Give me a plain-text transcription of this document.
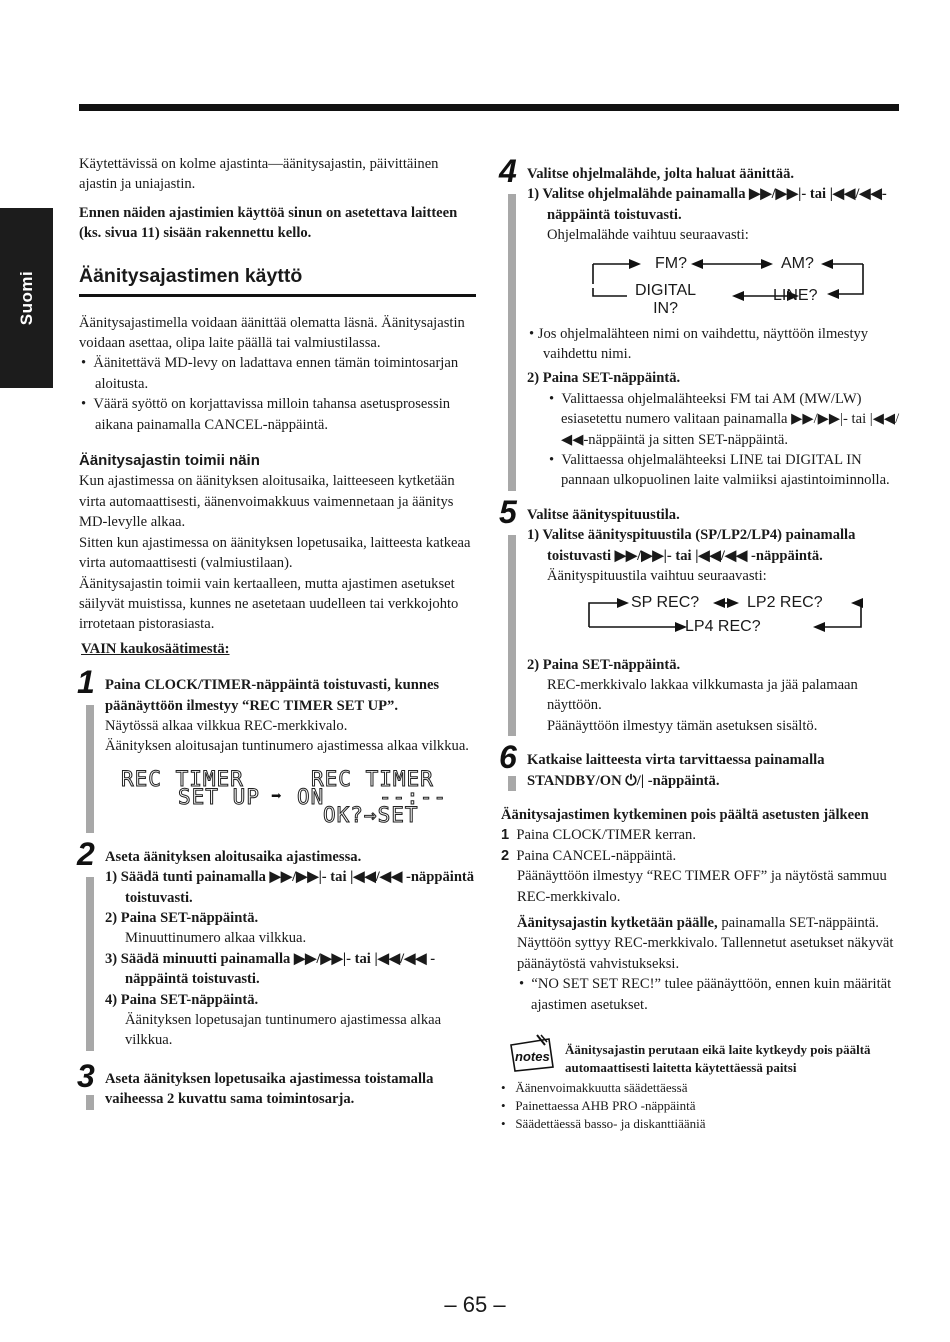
Suomi

Käytettävissä on kolme ajastinta—äänitysajastin, päivittäinen ajastin ja uniajastin.

Ennen näiden ajastimien käyttöä sinun on asetettava laitteen (ks. sivua 11) sisään rakennettu kello.

Äänitysajastimen käyttö

Äänitysajastimella voidaan äänittää olematta läsnä. Äänitysajastin voidaan asettaa, olipa laite päällä tai valmiustilassa.

•  Äänitettävä MD-levy on ladattava ennen tämän toimintosarjan aloitusta.

•  Väärä syöttö on korjattavissa milloin tahansa asetusprosessin aikana painamalla CANCEL-näppäintä.

Äänitysajastin toimii näin

Kun ajastimessa on äänityksen aloitusaika, laitteeseen kytketään virta automaattisesti, äänenvoimakkuus vaimennetaan ja äänitys MD-levylle alkaa.

Sitten kun ajastimessa on äänityksen lopetusaika, laitteesta katkeaa virta automaattisesti (valmiustilaan).

Äänitysajastin toimii vain kertaalleen, mutta ajastimen asetukset säilyvät muistissa, kunnes ne asetetaan uudelleen tai verkkojohto irrotetaan pistorasiasta.

VAIN kaukosäätimestä:

1 Paina CLOCK/TIMER-näppäintä toistuvasti, kunnes päänäyttöön ilmestyy “REC TIMER SET UP”.

Näytössä alkaa vilkkua REC-merkkivalo.

Äänityksen aloitusajan tuntinumero ajastimessa alkaa vilkkua.

REC TIMER
SET UP ➡
REC TIMER
ON    --:--
OK?→SET
2 Aseta äänityksen aloitusaika ajastimessa.

1) Säädä tunti painamalla ▶▶/▶▶|- tai |◀◀/◀◀ -näppäintä toistuvasti.

2) Paina SET-näppäintä.

Minuuttinumero alkaa vilkkua.

3) Säädä minuutti painamalla ▶▶/▶▶|- tai |◀◀/◀◀ -näppäintä toistuvasti.

4) Paina SET-näppäintä.

Äänityksen lopetusajan tuntinumero ajastimessa alkaa vilkkua.

3 Aseta äänityksen lopetusaika ajastimessa toistamalla vaiheessa 2 kuvattu sama toimintosarja.

4 Valitse ohjelmalähde, jolta haluat äänittää.

1) Valitse ohjelmalähde painamalla ▶▶/▶▶|- tai |◀◀/◀◀-näppäintä toistuvasti.

Ohjelmalähde vaihtuu seuraavasti:

FM?	AM?
LINE?
DIGITAL
IN?

• Jos ohjelmalähteen nimi on vaihdettu, näyttöön ilmestyy vaihdettu nimi.

2) Paina SET-näppäintä.

•  Valittaessa ohjelmalähteeksi FM tai AM (MW/LW) esiasetettu numero valitaan painamalla ▶▶/▶▶|- tai |◀◀/◀◀-näppäintä ja sitten SET-näppäintä.

•  Valittaessa ohjelmalähteeksi LINE tai DIGITAL IN pannaan ulkopuolinen laite valmiiksi ajastintoiminnolla.

5 Valitse äänityspituustila.

1) Valitse äänityspituustila (SP/LP2/LP4) painamalla toistuvasti ▶▶/▶▶|- tai |◀◀/◀◀ -näppäintä.

Äänityspituustila vaihtuu seuraavasti:

SP REC?	LP2 REC?
LP4 REC?

2) Paina SET-näppäintä.

REC-merkkivalo lakkaa vilkkumasta ja jää palamaan näyttöön.

Päänäyttöön ilmestyy tämän asetuksen sisältö.

6 Katkaise laitteesta virta tarvittaessa painamalla STANDBY/ON ⏻/| -näppäintä.

Äänitysajastimen kytkeminen pois päältä asetusten jälkeen

1 Paina CLOCK/TIMER kerran.

2 Paina CANCEL-näppäintä.

Päänäyttöön ilmestyy “REC TIMER OFF” ja näytöstä sammuu REC-merkkivalo.

Äänitysajastin kytketään päälle, painamalla SET-näppäintä.

Näyttöön syttyy REC-merkkivalo. Tallennetut asetukset näkyvät päänäytöstä vahvistukseksi.

•  “NO SET SET REC!” tulee päänäyttöön, ennen kuin määrität ajastimen asetukset.

notes Äänitysajastin perutaan eikä laite kytkeydy pois päältä automaattisesti laitetta käytettäessä paitsi

•   Äänenvoimakkuutta säädettäessä

•   Painettaessa AHB PRO -näppäintä

•   Säädettäessä basso- ja diskanttiääniä

– 65 –
